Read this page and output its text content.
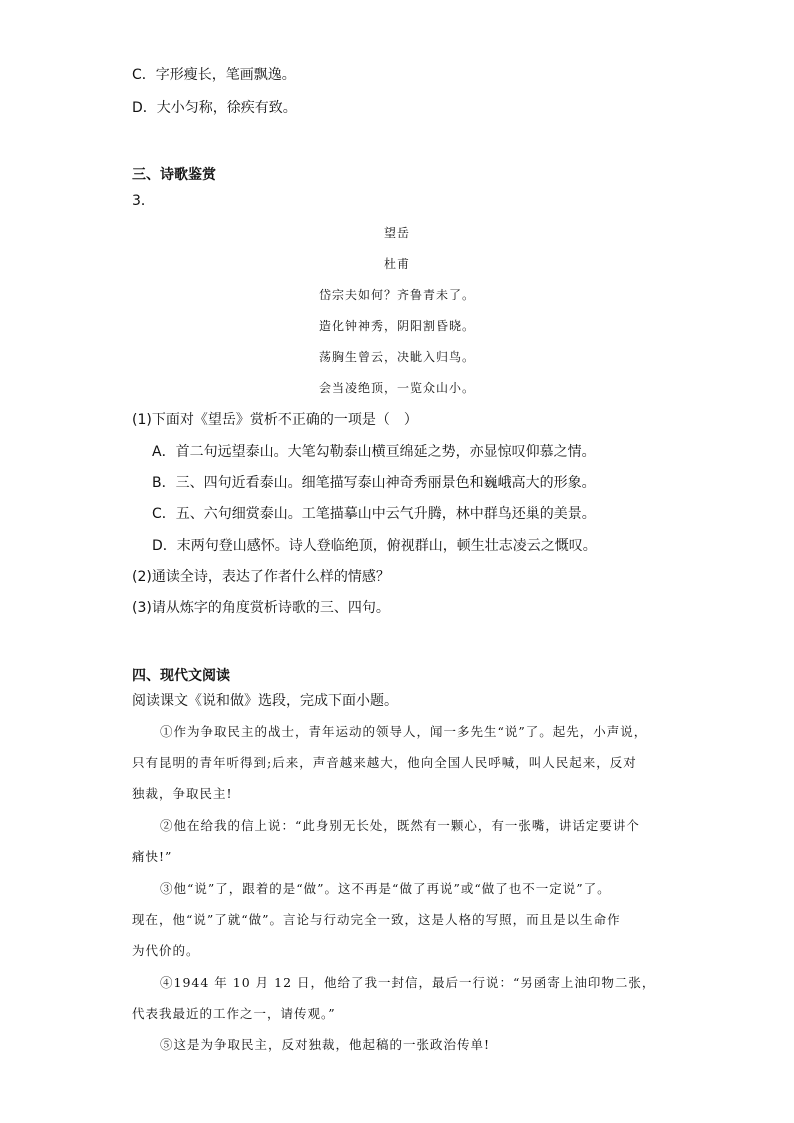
C．字形瘦长，笔画飘逸。
D．大小匀称，徐疾有致。
三、诗歌鉴赏
3．
望岳
杜甫
岱宗夫如何？齐鲁青未了。
造化钟神秀，阴阳割昏晓。
荡胸生曾云，决眦入归鸟。
会当凌绝顶，一览众山小。
(1)下面对《望岳》赏析不正确的一项是（　）
A．首二句远望泰山。大笔勾勒泰山横亘绵延之势，亦显惊叹仰慕之情。
B．三、四句近看泰山。细笔描写泰山神奇秀丽景色和巍峨高大的形象。
C．五、六句细赏泰山。工笔描摹山中云气升腾，林中群鸟还巢的美景。
D．末两句登山感怀。诗人登临绝顶，俯视群山，顿生壮志凌云之慨叹。
(2)通读全诗，表达了作者什么样的情感？
(3)请从炼字的角度赏析诗歌的三、四句。
四、现代文阅读
阅读课文《说和做》选段，完成下面小题。
①作为争取民主的战士，青年运动的领导人，闻一多先生“说”了。起先，小声说，
只有昆明的青年听得到;后来，声音越来越大，他向全国人民呼喊，叫人民起来，反对
独裁，争取民主!
②他在给我的信上说：“此身别无长处，既然有一颗心，有一张嘴，讲话定要讲个
痛快!”
③他“说”了，跟着的是“做”。这不再是“做了再说”或“做了也不一定说”了。
现在，他“说”了就“做”。言论与行动完全一致，这是人格的写照，而且是以生命作
为代价的。
④1944 年 10 月 12 日，他给了我一封信，最后一行说：“另函寄上油印物二张，
代表我最近的工作之一，请传观。”
⑤这是为争取民主，反对独裁，他起稿的一张政治传单!
